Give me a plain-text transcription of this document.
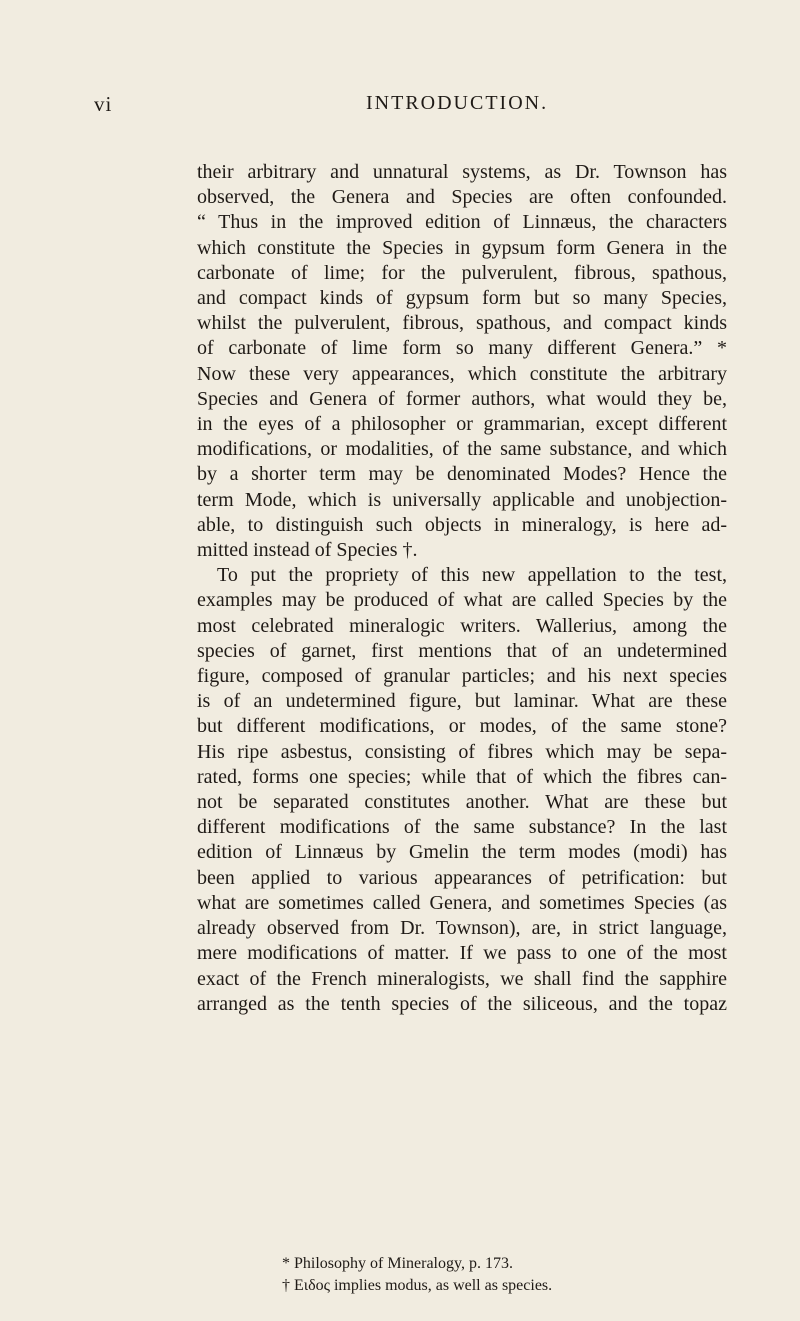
vi	INTRODUCTION.
their arbitrary and unnatural systems, as Dr. Townson has
observed, the Genera and Species are often confounded.
“ Thus in the improved edition of Linnæus, the characters
which constitute the Species in gypsum form Genera in the
carbonate of lime; for the pulverulent, fibrous, spathous,
and compact kinds of gypsum form but so many Species,
whilst the pulverulent, fibrous, spathous, and compact kinds
of carbonate of lime form so many different Genera.” *
Now these very appearances, which constitute the arbitrary
Species and Genera of former authors, what would they be,
in the eyes of a philosopher or grammarian, except different
modifications, or modalities, of the same substance, and which
by a shorter term may be denominated Modes? Hence the
term Mode, which is universally applicable and unobjection-
able, to distinguish such objects in mineralogy, is here ad-
mitted instead of Species †.
To put the propriety of this new appellation to the test,
examples may be produced of what are called Species by the
most celebrated mineralogic writers. Wallerius, among the
species of garnet, first mentions that of an undetermined
figure, composed of granular particles; and his next species
is of an undetermined figure, but laminar. What are these
but different modifications, or modes, of the same stone?
His ripe asbestus, consisting of fibres which may be sepa-
rated, forms one species; while that of which the fibres can-
not be separated constitutes another. What are these but
different modifications of the same substance? In the last
edition of Linnæus by Gmelin the term modes (modi) has
been applied to various appearances of petrification: but
what are sometimes called Genera, and sometimes Species (as
already observed from Dr. Townson), are, in strict language,
mere modifications of matter. If we pass to one of the most
exact of the French mineralogists, we shall find the sapphire
arranged as the tenth species of the siliceous, and the topaz
* Philosophy of Mineralogy, p. 173.
† Ειδος implies modus, as well as species.
